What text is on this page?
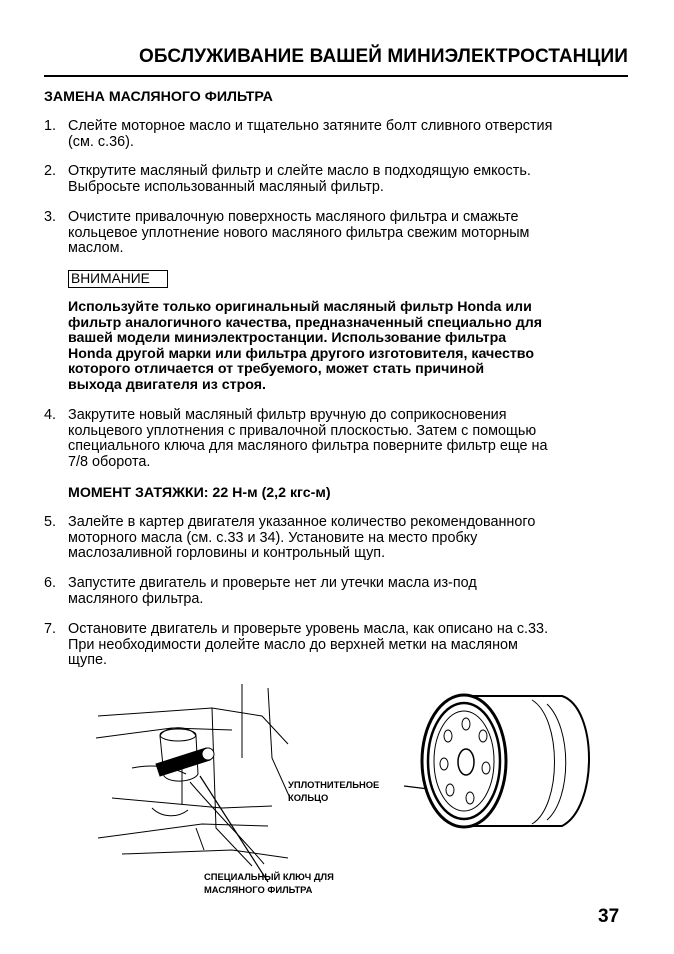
ОБСЛУЖИВАНИЕ ВАШЕЙ МИНИЭЛЕКТРОСТАНЦИИ
ЗАМЕНА МАСЛЯНОГО ФИЛЬТРА
1. Слейте моторное масло и тщательно затяните болт сливного отверстия
(см. с.36).
2. Открутите масляный фильтр и слейте масло в подходящую емкость.
Выбросьте использованный масляный фильтр.
3. Очистите привалочную поверхность масляного фильтра и смажьте
кольцевое уплотнение нового масляного фильтра свежим моторным
маслом.
4. Закрутите новый масляный фильтр вручную до соприкосновения
кольцевого уплотнения с привалочной плоскостью. Затем с помощью
специального ключа для масляного фильтра поверните фильтр еще на
7/8 оборота.
5. Залейте в картер двигателя указанное количество рекомендованного
моторного масла (см. с.33 и 34). Установите на место пробку
маслозаливной горловины и контрольный щуп.
6. Запустите двигатель и проверьте нет ли утечки масла из-под
масляного фильтра.
7. Остановите двигатель и проверьте уровень масла, как описано на с.33.
При необходимости долейте масло до верхней метки на масляном
щупе.
ВНИМАНИЕ
Используйте только оригинальный масляный фильтр Honda или
фильтр аналогичного качества, предназначенный специально для
вашей модели миниэлектростанции. Использование фильтра
Honda другой марки или фильтра другого изготовителя, качество
которого отличается от требуемого, может стать причиной
выхода двигателя из строя.
МОМЕНТ ЗАТЯЖКИ: 22 Н-м (2,2 кгс-м)
УПЛОТНИТЕЛЬНОЕ
КОЛЬЦО
СПЕЦИАЛЬНЫЙ КЛЮЧ ДЛЯ
МАСЛЯНОГО ФИЛЬТРА
37
